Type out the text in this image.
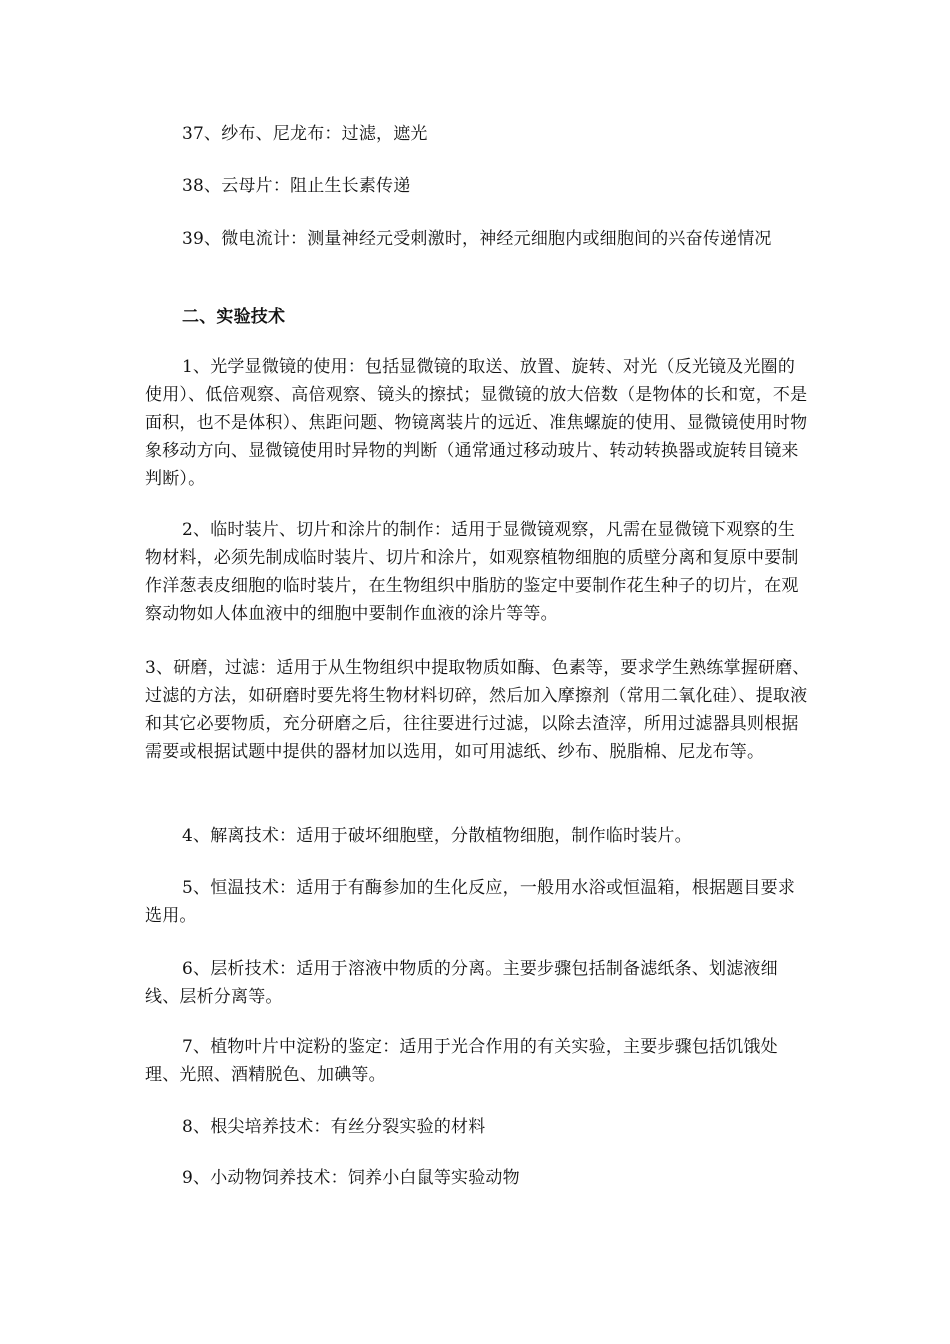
37、纱布、尼龙布：过滤，遮光

38、云母片：阻止生长素传递

39、微电流计：测量神经元受刺激时，神经元细胞内或细胞间的兴奋传递情况

二、实验技术

1、光学显微镜的使用：包括显微镜的取送、放置、旋转、对光（反光镜及光圈的使用）、低倍观察、高倍观察、镜头的擦拭；显微镜的放大倍数（是物体的长和宽，不是面积，也不是体积）、焦距问题、物镜离装片的远近、准焦螺旋的使用、显微镜使用时物象移动方向、显微镜使用时异物的判断（通常通过移动玻片、转动转换器或旋转目镜来判断）。

2、临时装片、切片和涂片的制作：适用于显微镜观察，凡需在显微镜下观察的生物材料，必须先制成临时装片、切片和涂片，如观察植物细胞的质壁分离和复原中要制作洋葱表皮细胞的临时装片，在生物组织中脂肪的鉴定中要制作花生种子的切片，在观察动物如人体血液中的细胞中要制作血液的涂片等等。

3、研磨，过滤：适用于从生物组织中提取物质如酶、色素等，要求学生熟练掌握研磨、过滤的方法，如研磨时要先将生物材料切碎，然后加入摩擦剂（常用二氧化硅）、提取液和其它必要物质，充分研磨之后，往往要进行过滤，以除去渣滓，所用过滤器具则根据需要或根据试题中提供的器材加以选用，如可用滤纸、纱布、脱脂棉、尼龙布等。

4、解离技术：适用于破坏细胞壁，分散植物细胞，制作临时装片。

5、恒温技术：适用于有酶参加的生化反应，一般用水浴或恒温箱，根据题目要求选用。

6、层析技术：适用于溶液中物质的分离。主要步骤包括制备滤纸条、划滤液细线、层析分离等。

7、植物叶片中淀粉的鉴定：适用于光合作用的有关实验，主要步骤包括饥饿处理、光照、酒精脱色、加碘等。

8、根尖培养技术：有丝分裂实验的材料

9、小动物饲养技术：饲养小白鼠等实验动物
